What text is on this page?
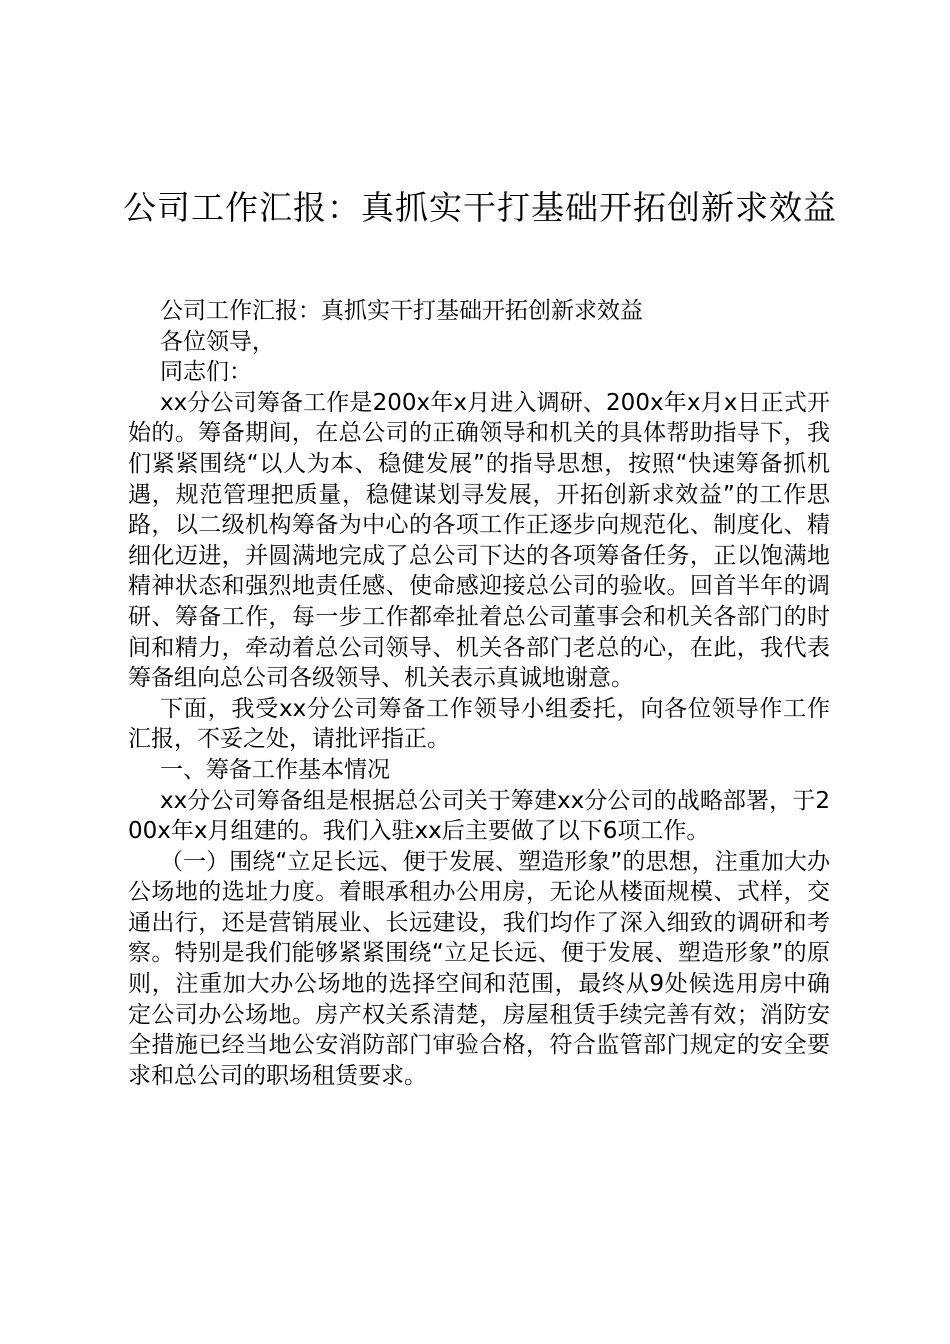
公司工作汇报：真抓实干打基础开拓创新求效益

公司工作汇报：真抓实干打基础开拓创新求效益

各位领导，

同志们：

xx分公司筹备工作是200x年x月进入调研、200x年x月x日正式开始的。筹备期间，在总公司的正确领导和机关的具体帮助指导下，我们紧紧围绕“以人为本、稳健发展”的指导思想，按照“快速筹备抓机遇，规范管理把质量，稳健谋划寻发展，开拓创新求效益”的工作思路，以二级机构筹备为中心的各项工作正逐步向规范化、制度化、精细化迈进，并圆满地完成了总公司下达的各项筹备任务，正以饱满地精神状态和强烈地责任感、使命感迎接总公司的验收。回首半年的调研、筹备工作，每一步工作都牵扯着总公司董事会和机关各部门的时间和精力，牵动着总公司领导、机关各部门老总的心，在此，我代表筹备组向总公司各级领导、机关表示真诚地谢意。

下面，我受xx分公司筹备工作领导小组委托，向各位领导作工作汇报，不妥之处，请批评指正。

一、筹备工作基本情况

xx分公司筹备组是根据总公司关于筹建xx分公司的战略部署，于200x年x月组建的。我们入驻xx后主要做了以下6项工作。

（一）围绕“立足长远、便于发展、塑造形象”的思想，注重加大办公场地的选址力度。着眼承租办公用房，无论从楼面规模、式样，交通出行，还是营销展业、长远建设，我们均作了深入细致的调研和考察。特别是我们能够紧紧围绕“立足长远、便于发展、塑造形象”的原则，注重加大办公场地的选择空间和范围，最终从9处候选用房中确定公司办公场地。房产权关系清楚，房屋租赁手续完善有效；消防安全措施已经当地公安消防部门审验合格，符合监管部门规定的安全要求和总公司的职场租赁要求。
